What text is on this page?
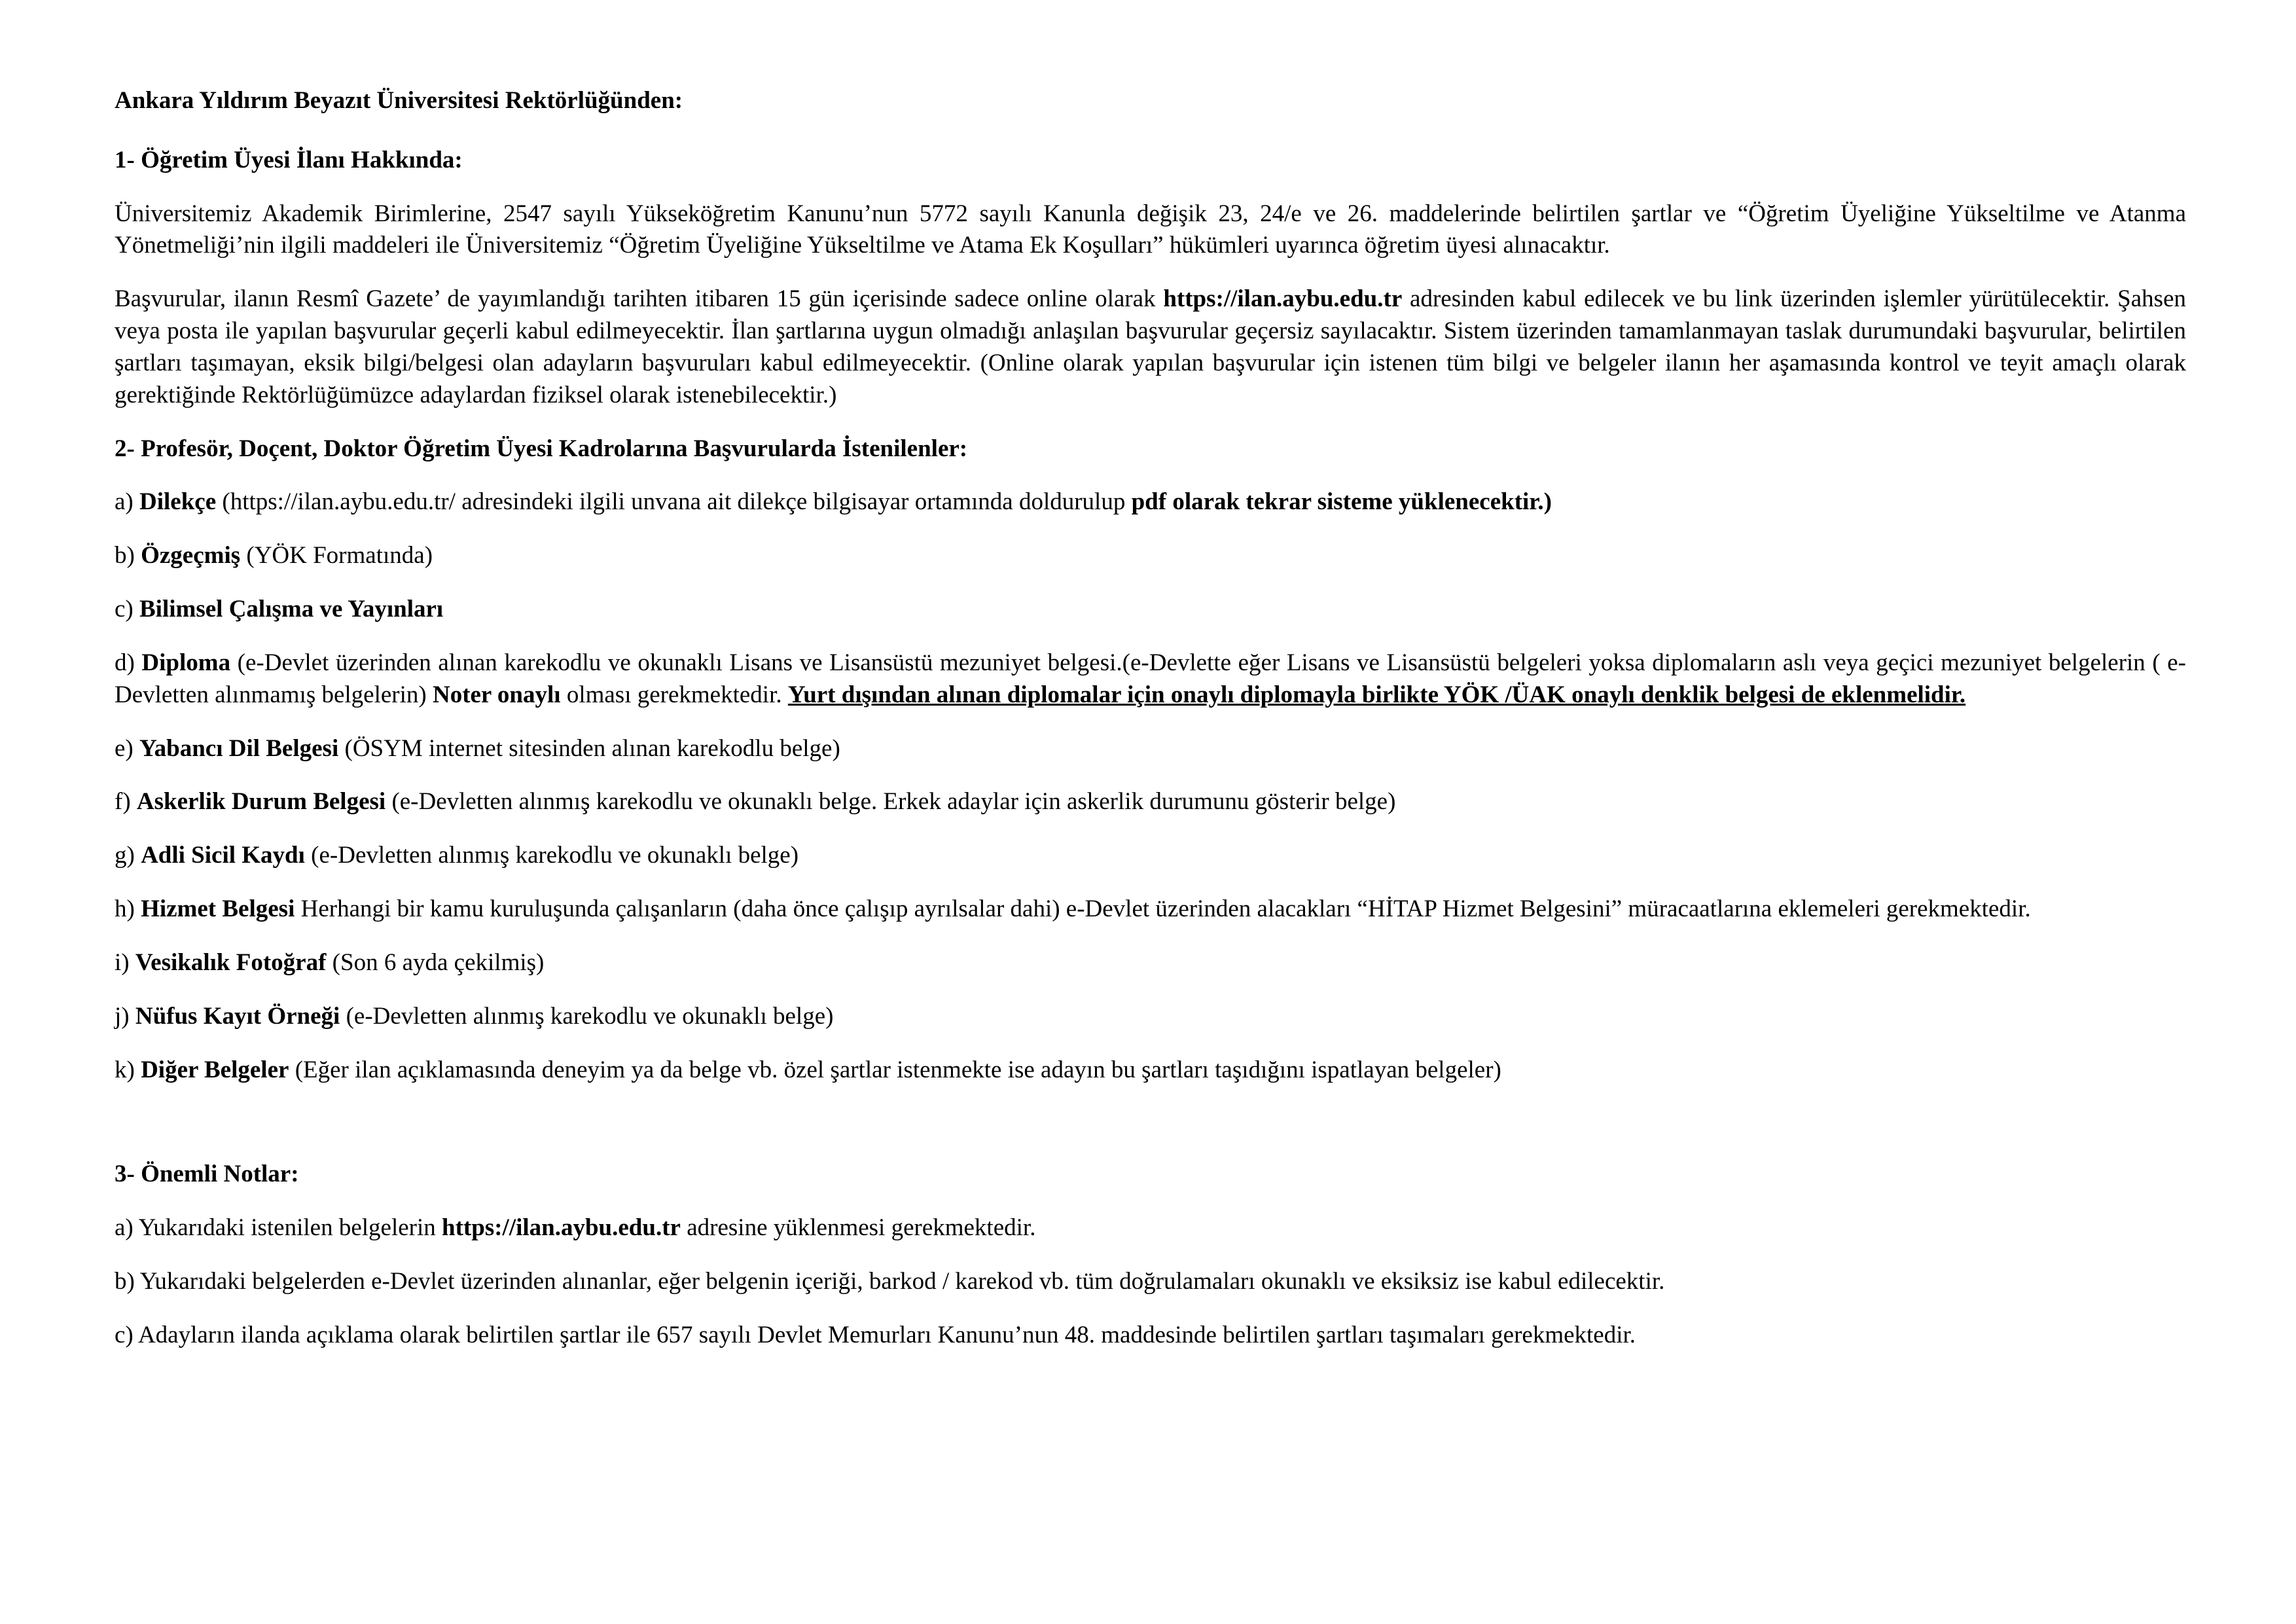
Ankara Yıldırım Beyazıt Üniversitesi Rektörlüğünden:

1- Öğretim Üyesi İlanı Hakkında:

Üniversitemiz Akademik Birimlerine, 2547 sayılı Yükseköğretim Kanunu’nun 5772 sayılı Kanunla değişik 23, 24/e ve 26. maddelerinde belirtilen şartlar ve “Öğretim Üyeliğine Yükseltilme ve Atanma Yönetmeliği’nin ilgili maddeleri ile Üniversitemiz “Öğretim Üyeliğine Yükseltilme ve Atama Ek Koşulları” hükümleri uyarınca öğretim üyesi alınacaktır.

Başvurular, ilanın Resmî Gazete’ de yayımlandığı tarihten itibaren 15 gün içerisinde sadece online olarak https://ilan.aybu.edu.tr adresinden kabul edilecek ve bu link üzerinden işlemler yürütülecektir. Şahsen veya posta ile yapılan başvurular geçerli kabul edilmeyecektir. İlan şartlarına uygun olmadığı anlaşılan başvurular geçersiz sayılacaktır. Sistem üzerinden tamamlanmayan taslak durumundaki başvurular, belirtilen şartları taşımayan, eksik bilgi/belgesi olan adayların başvuruları kabul edilmeyecektir. (Online olarak yapılan başvurular için istenen tüm bilgi ve belgeler ilanın her aşamasında kontrol ve teyit amaçlı olarak gerektiğinde Rektörlüğümüzce adaylardan fiziksel olarak istenebilecektir.)

2- Profesör, Doçent, Doktor Öğretim Üyesi Kadrolarına Başvurularda İstenilenler:

a) Dilekçe (https://ilan.aybu.edu.tr/ adresindeki ilgili unvana ait dilekçe bilgisayar ortamında doldurulup pdf olarak tekrar sisteme yüklenecektir.)

b) Özgeçmiş (YÖK Formatında)

c) Bilimsel Çalışma ve Yayınları

d) Diploma (e-Devlet üzerinden alınan karekodlu ve okunaklı Lisans ve Lisansüstü mezuniyet belgesi.(e-Devlette eğer Lisans ve Lisansüstü belgeleri yoksa diplomaların aslı veya geçici mezuniyet belgelerin ( e-Devletten alınmamış belgelerin) Noter onaylı olması gerekmektedir. Yurt dışından alınan diplomalar için onaylı diplomayla birlikte YÖK /ÜAK onaylı denklik belgesi de eklenmelidir.

e) Yabancı Dil Belgesi (ÖSYM internet sitesinden alınan karekodlu belge)

f) Askerlik Durum Belgesi (e-Devletten alınmış karekodlu ve okunaklı belge. Erkek adaylar için askerlik durumunu gösterir belge)

g) Adli Sicil Kaydı (e-Devletten alınmış karekodlu ve okunaklı belge)

h) Hizmet Belgesi Herhangi bir kamu kuruluşunda çalışanların (daha önce çalışıp ayrılsalar dahi) e-Devlet üzerinden alacakları “HİTAP Hizmet Belgesini” müracaatlarına eklemeleri gerekmektedir.

i) Vesikalık Fotoğraf (Son 6 ayda çekilmiş)

j) Nüfus Kayıt Örneği (e-Devletten alınmış karekodlu ve okunaklı belge)

k) Diğer Belgeler (Eğer ilan açıklamasında deneyim ya da belge vb. özel şartlar istenmekte ise adayın bu şartları taşıdığını ispatlayan belgeler)

3- Önemli Notlar:

a) Yukarıdaki istenilen belgelerin https://ilan.aybu.edu.tr adresine yüklenmesi gerekmektedir.

b) Yukarıdaki belgelerden e-Devlet üzerinden alınanlar, eğer belgenin içeriği, barkod / karekod vb. tüm doğrulamaları okunaklı ve eksiksiz ise kabul edilecektir.

c) Adayların ilanda açıklama olarak belirtilen şartlar ile 657 sayılı Devlet Memurları Kanunu’nun 48. maddesinde belirtilen şartları taşımaları gerekmektedir.
